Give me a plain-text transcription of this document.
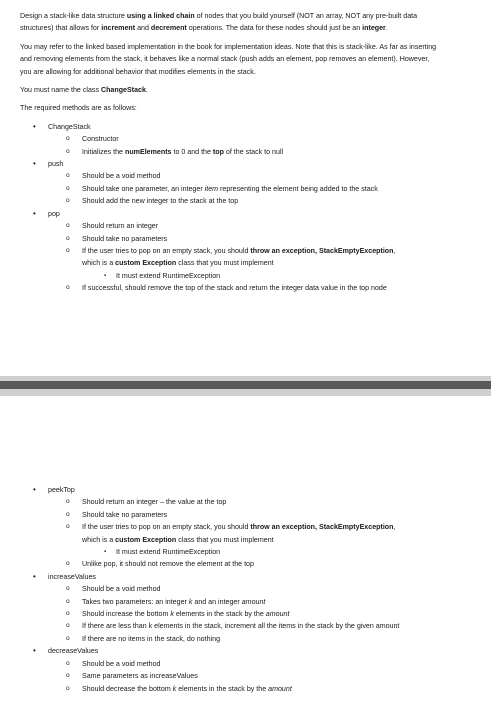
Design a stack-like data structure using a linked chain of nodes that you build yourself (NOT an array, NOT any pre-built data structures) that allows for increment and decrement operations. The data for these nodes should just be an integer.

You may refer to the linked based implementation in the book for implementation ideas. Note that this is stack-like. As far as inserting and removing elements from the stack, it behaves like a normal stack (push adds an element, pop removes an element). However, you are allowing for additional behavior that modifies elements in the stack.

You must name the class ChangeStack.

The required methods are as follows:

• ChangeStack
o Constructor
o Initializes the numElements to 0 and the top of the stack to null
• push
o Should be a void method
o Should take one parameter, an integer item representing the element being added to the stack
o Should add the new integer to the stack at the top
• pop
o Should return an integer
o Should take no parameters
o If the user tries to pop on an empty stack, you should throw an exception, StackEmptyException, which is a custom Exception class that you must implement
▪ It must extend RuntimeException
o If successful, should remove the top of the stack and return the integer data value in the top node
• peekTop
o Should return an integer – the value at the top
o Should take no parameters
o If the user tries to pop on an empty stack, you should throw an exception, StackEmptyException, which is a custom Exception class that you must implement
▪ It must extend RuntimeException
o Unlike pop, it should not remove the element at the top
• increaseValues
o Should be a void method
o Takes two parameters: an integer k and an integer amount
o Should increase the bottom k elements in the stack by the amount
o If there are less than k elements in the stack, increment all the items in the stack by the given amount
o If there are no items in the stack, do nothing
• decreaseValues
o Should be a void method
o Same parameters as increaseValues
o Should decrease the bottom k elements in the stack by the amount
